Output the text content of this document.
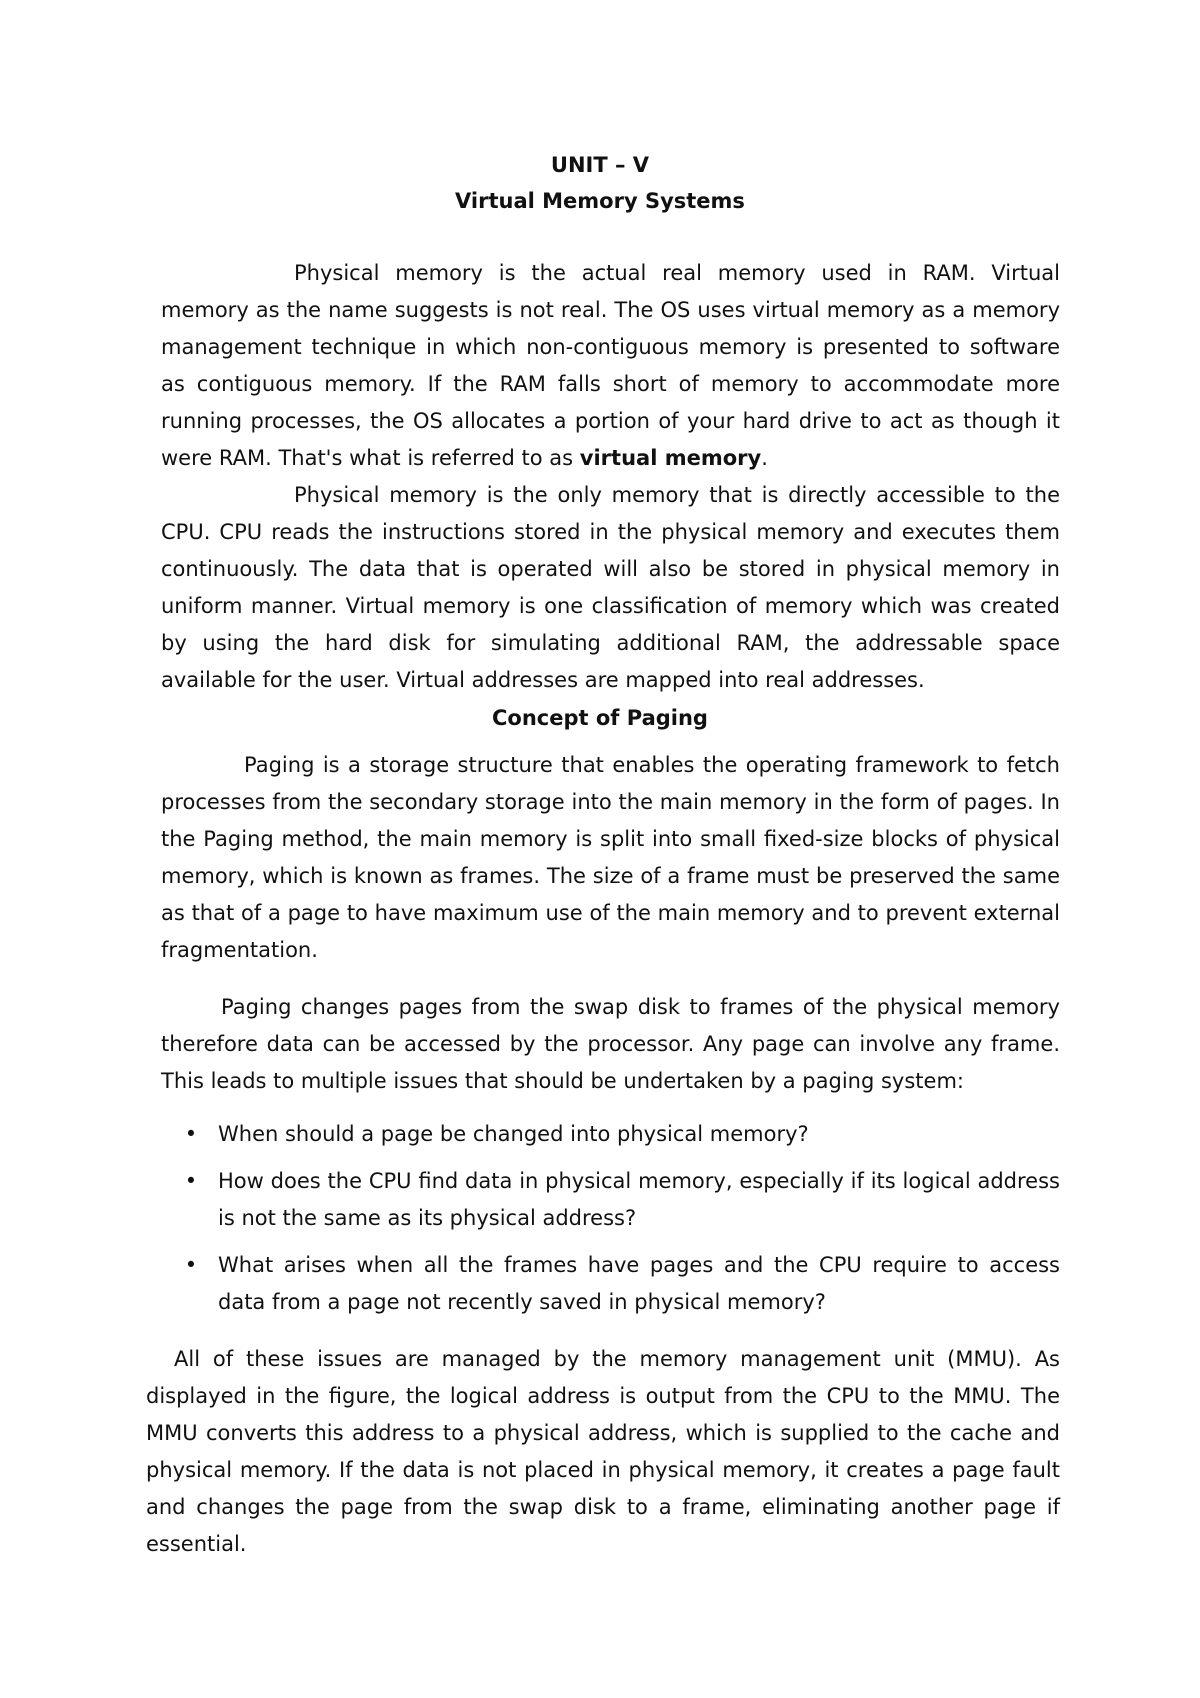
UNIT – V
Virtual Memory Systems

Physical memory is the actual real memory used in RAM. Virtual memory as the name suggests is not real. The OS uses virtual memory as a memory management technique in which non-contiguous memory is presented to software as contiguous memory. If the RAM falls short of memory to accommodate more running processes, the OS allocates a portion of your hard drive to act as though it were RAM. That's what is referred to as virtual memory.

Physical memory is the only memory that is directly accessible to the CPU. CPU reads the instructions stored in the physical memory and executes them continuously. The data that is operated will also be stored in physical memory in uniform manner. Virtual memory is one classification of memory which was created by using the hard disk for simulating additional RAM, the addressable space available for the user. Virtual addresses are mapped into real addresses.

Concept of Paging

Paging is a storage structure that enables the operating framework to fetch processes from the secondary storage into the main memory in the form of pages. In the Paging method, the main memory is split into small fixed-size blocks of physical memory, which is known as frames. The size of a frame must be preserved the same as that of a page to have maximum use of the main memory and to prevent external fragmentation.

Paging changes pages from the swap disk to frames of the physical memory therefore data can be accessed by the processor. Any page can involve any frame. This leads to multiple issues that should be undertaken by a paging system:

• When should a page be changed into physical memory?
• How does the CPU find data in physical memory, especially if its logical address is not the same as its physical address?
• What arises when all the frames have pages and the CPU require to access data from a page not recently saved in physical memory?

All of these issues are managed by the memory management unit (MMU). As displayed in the figure, the logical address is output from the CPU to the MMU. The MMU converts this address to a physical address, which is supplied to the cache and physical memory. If the data is not placed in physical memory, it creates a page fault and changes the page from the swap disk to a frame, eliminating another page if essential.
